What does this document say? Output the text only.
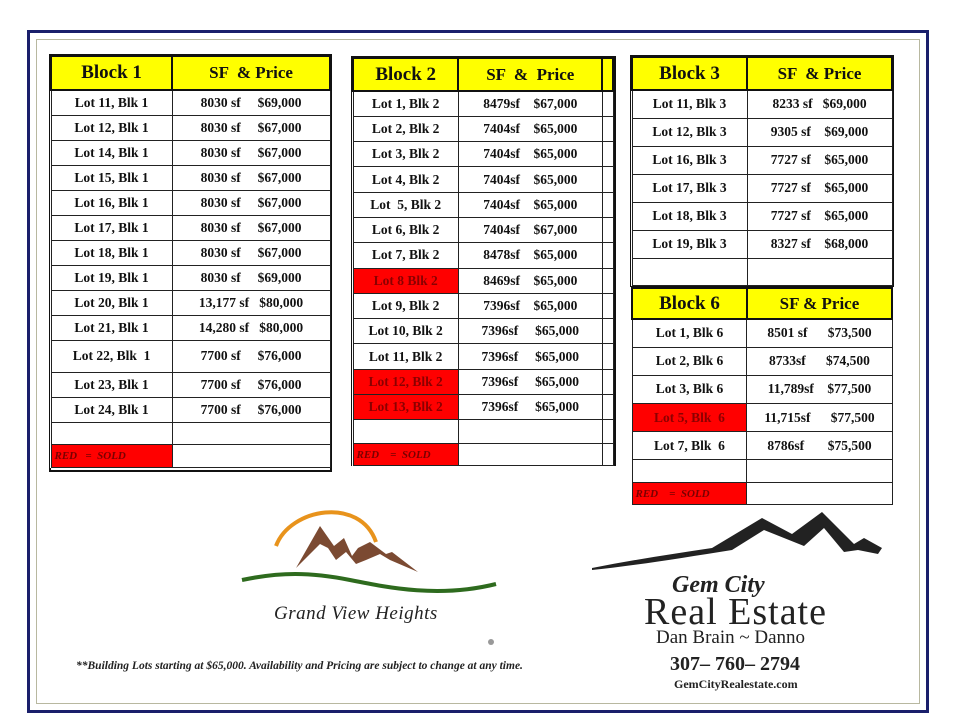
Block 1	SF  & Price
Lot 11, Blk 1	8030 sf     $69,000
Lot 12, Blk 1	8030 sf     $67,000
Lot 14, Blk 1	8030 sf     $67,000
Lot 15, Blk 1	8030 sf     $67,000
Lot 16, Blk 1	8030 sf     $67,000
Lot 17, Blk 1	8030 sf     $67,000
Lot 18, Blk 1	8030 sf     $67,000
Lot 19, Blk 1	8030 sf     $69,000
Lot 20, Blk 1	13,177 sf   $80,000
Lot 21, Blk 1	14,280 sf   $80,000
Lot 22, Blk  1	7700 sf     $76,000
Lot 23, Blk 1	7700 sf     $76,000
Lot 24, Blk 1	7700 sf     $76,000

RED   =  SOLD	
Block 2	SF  &  Price	
Lot 1, Blk 2	8479sf    $67,000	
Lot 2, Blk 2	7404sf    $65,000	
Lot 3, Blk 2	7404sf    $65,000	
Lot 4, Blk 2	7404sf    $65,000	
Lot  5, Blk 2	7404sf    $65,000	
Lot 6, Blk 2	7404sf    $67,000	
Lot 7, Blk 2	8478sf    $65,000	
Lot 8 Blk 2	8469sf    $65,000	
Lot 9, Blk 2	7396sf    $65,000	
Lot 10, Blk 2	7396sf     $65,000	
Lot 11, Blk 2	7396sf     $65,000	
Lot 12, Blk 2	7396sf     $65,000	
Lot 13, Blk 2	7396sf     $65,000	

RED    =  SOLD		
Block 3	SF  & Price
Lot 11, Blk 3	8233 sf   $69,000
Lot 12, Blk 3	9305 sf    $69,000
Lot 16, Blk 3	7727 sf    $65,000
Lot 17, Blk 3	7727 sf    $65,000
Lot 18, Blk 3	7727 sf    $65,000
Lot 19, Blk 3	8327 sf    $68,000

Block 6	SF & Price
Lot 1, Blk 6	8501 sf      $73,500
Lot 2, Blk 6	8733sf      $74,500
Lot 3, Blk 6	11,789sf    $77,500
Lot 5, Blk  6	11,715sf      $77,500
Lot 7, Blk  6	8786sf       $75,500

RED    =  SOLD	
Grand View Heights
Gem City
Real Estate
Dan Brain ~ Danno
307– 760– 2794
GemCityRealestate.com
**Building Lots starting at $65,000. Availability and Pricing are subject to change at any time.
